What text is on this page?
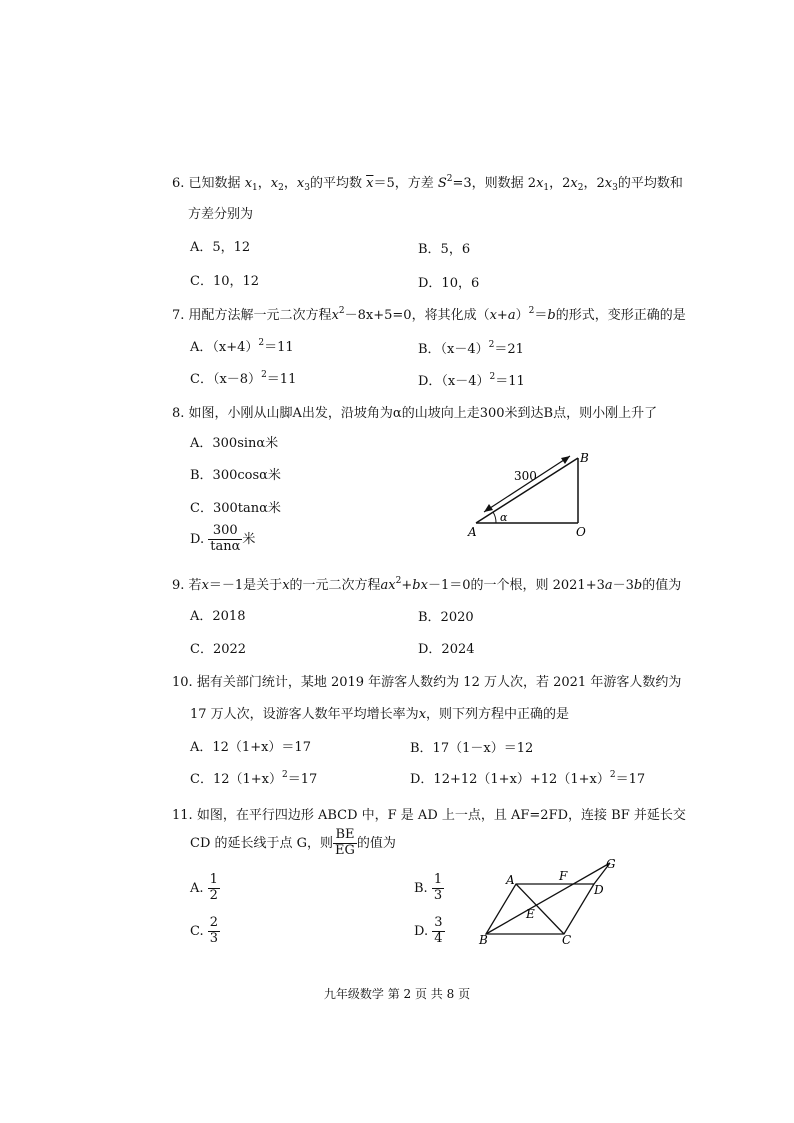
6. 已知数据 $x_1$，$x_2$，$x_3$的平均数 $\overline{x}=5$，方差 $S^2=3$，则数据 $2x_1$，$2x_2$，$2x_3$的平均数和
方差分别为
A．5，12	B．5，6
C．10，12	D．10，6
7. 用配方法解一元二次方程$x^2-8x+5=0$，将其化成$(x+a)^2=b$的形式，变形正确的是
A．$(x+4)^2=11$	B．$(x-4)^2=21$
C．$(x-8)^2=11$	D．$(x-4)^2=11$
8. 如图，小刚从山脚A出发，沿坡角为α的山坡向上走300米到达B点，则小刚上升了
A．300sinα米
B．300cosα米
C．300tanα米
D. $\frac{300}{\tan\alpha}$ 米
300
B
A	O
α
9. 若x＝－1是关于x的一元二次方程$ax^2+bx-1=0$的一个根，则 2021+3a－3b的值为
A．2018	B．2020
C．2022	D．2024
10. 据有关部门统计，某地 2019 年游客人数约为 12 万人次，若 2021 年游客人数约为
17 万人次，设游客人数年平均增长率为x，则下列方程中正确的是
A．12（1+x）＝17	B．17（1－x）＝12
C．$12(1+x)^2=17$	D．$12+12(1+x)+12(1+x)^2=17$
11. 如图，在平行四边形 ABCD 中，F 是 AD 上一点，且 AF=2FD，连接 BF 并延长交
CD 的延长线于点 G，则 $\frac{BE}{EG}$ 的值为
A. $\frac{1}{2}$	B. $\frac{1}{3}$
C. $\frac{2}{3}$	D. $\frac{3}{4}$
A	F
G
D
E
B	C
九年级数学 第 2 页 共 8 页
